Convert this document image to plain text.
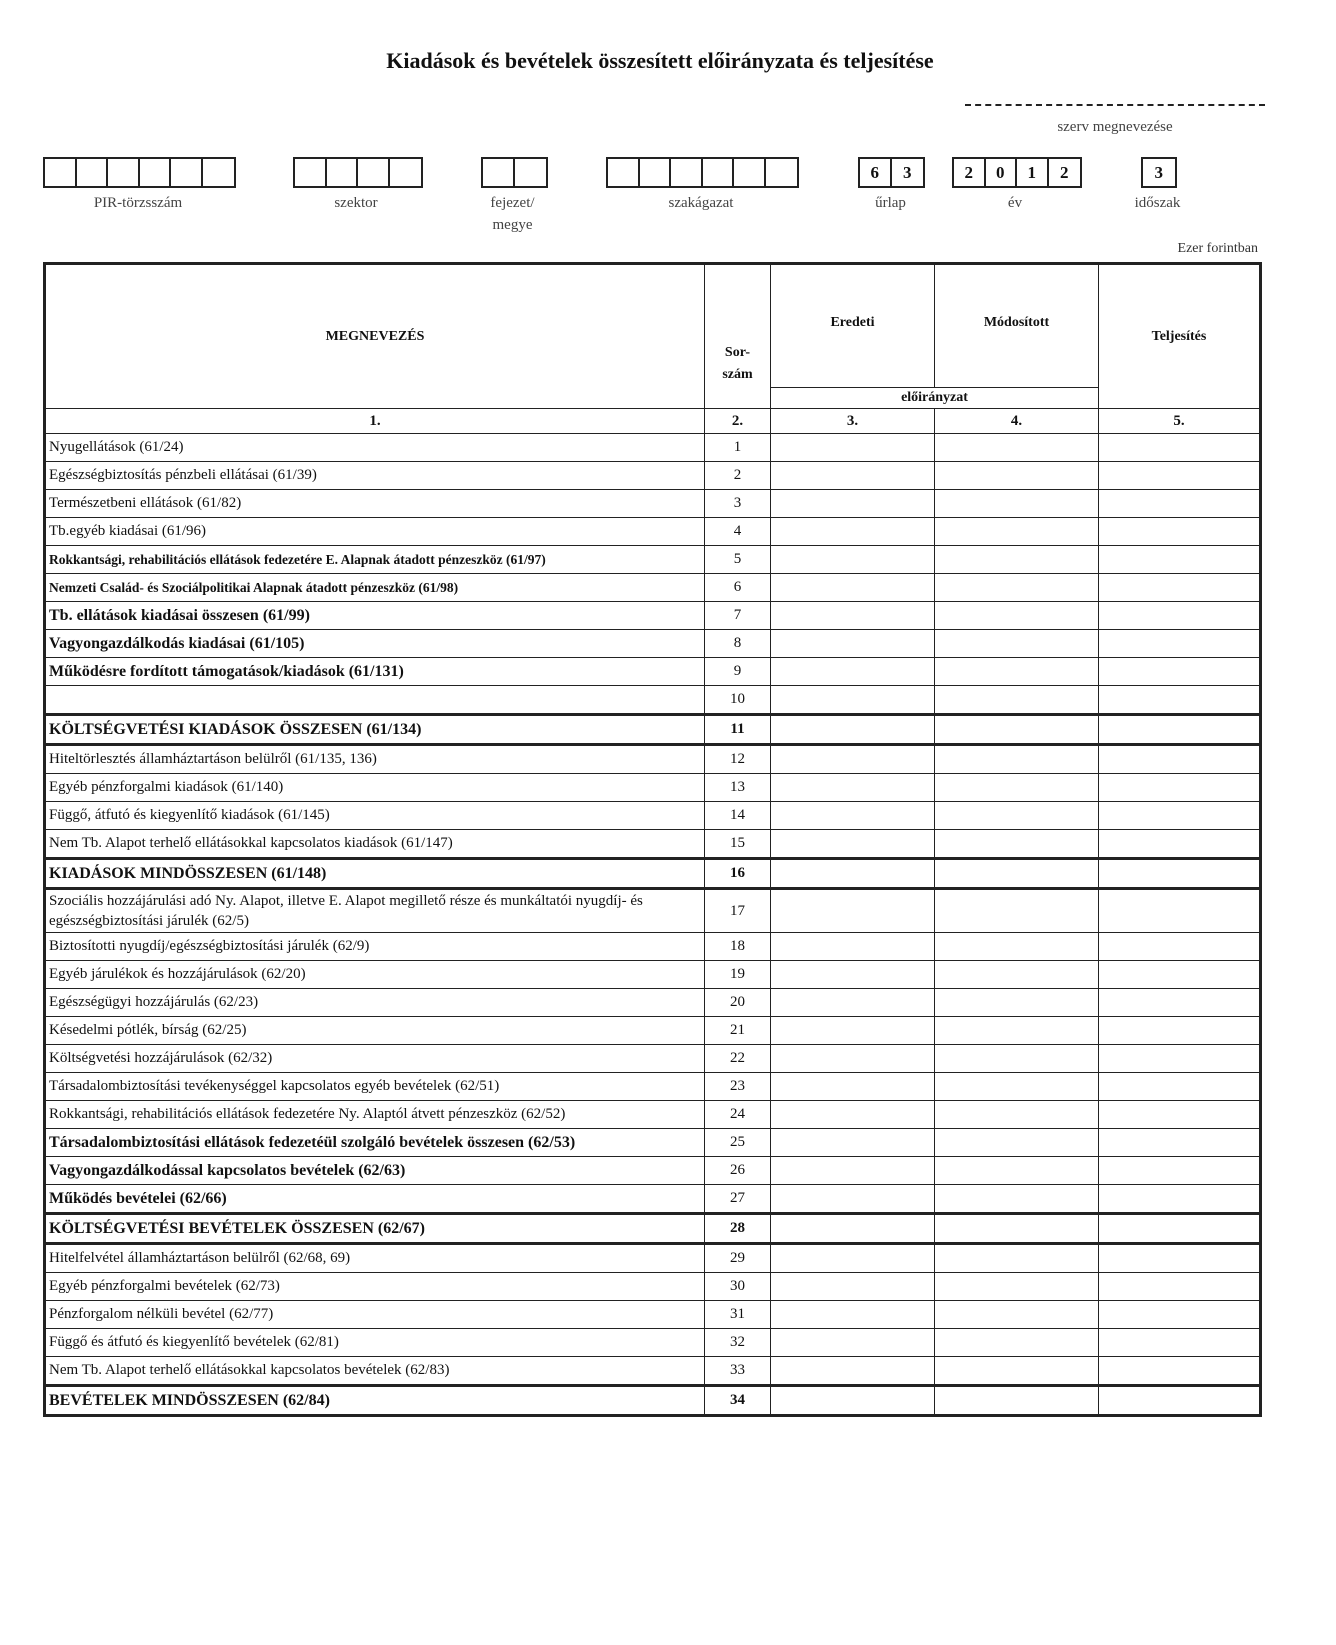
Kiadások és bevételek összesített előirányzata és teljesítése
szerv megnevezése
PIR-törzsszám	szektor	fejezet/
megye
szakágazat
6	3
űrlap
2	0	1	2
év
3
időszak
Ezer forintban
MEGNEVEZÉS	Sor-
szám	Eredeti	Módosított	Teljesítés
		előirányzat		
1.	2.	3.	4.	5.
Nyugellátások (61/24)	1			
Egészségbiztosítás pénzbeli ellátásai (61/39)	2			
Természetbeni ellátások (61/82)	3			
Tb.egyéb kiadásai (61/96)	4			
Rokkantsági, rehabilitációs ellátások fedezetére E. Alapnak átadott pénzeszköz (61/97)	5			
Nemzeti Család- és Szociálpolitikai Alapnak átadott pénzeszköz (61/98)	6			
Tb. ellátások kiadásai összesen (61/99)	7			
Vagyongazdálkodás kiadásai (61/105)	8			
Működésre fordított támogatások/kiadások (61/131)	9			
	10			
KÖLTSÉGVETÉSI KIADÁSOK ÖSSZESEN (61/134)	11			
Hiteltörlesztés államháztartáson belülről (61/135, 136)	12			
Egyéb pénzforgalmi kiadások (61/140)	13			
Függő, átfutó és kiegyenlítő kiadások (61/145)	14			
Nem Tb. Alapot terhelő ellátásokkal kapcsolatos kiadások (61/147)	15			
KIADÁSOK MINDÖSSZESEN (61/148)	16			
Szociális hozzájárulási adó Ny. Alapot, illetve E. Alapot megillető része és munkáltatói nyugdíj- és egészségbiztosítási járulék (62/5)	17			
Biztosítotti nyugdíj/egészségbiztosítási járulék (62/9)	18			
Egyéb járulékok és hozzájárulások (62/20)	19			
Egészségügyi hozzájárulás (62/23)	20			
Késedelmi pótlék, bírság (62/25)	21			
Költségvetési hozzájárulások (62/32)	22			
Társadalombiztosítási tevékenységgel kapcsolatos egyéb bevételek (62/51)	23			
Rokkantsági, rehabilitációs ellátások fedezetére Ny. Alaptól átvett pénzeszköz (62/52)	24			
Társadalombiztosítási ellátások fedezetéül szolgáló bevételek összesen (62/53)	25			
Vagyongazdálkodással kapcsolatos bevételek (62/63)	26			
Működés bevételei (62/66)	27			
KÖLTSÉGVETÉSI BEVÉTELEK ÖSSZESEN (62/67)	28			
Hitelfelvétel államháztartáson belülről (62/68, 69)	29			
Egyéb pénzforgalmi bevételek (62/73)	30			
Pénzforgalom nélküli bevétel (62/77)	31			
Függő és átfutó és kiegyenlítő bevételek (62/81)	32			
Nem Tb. Alapot terhelő ellátásokkal kapcsolatos bevételek (62/83)	33			
BEVÉTELEK MINDÖSSZESEN (62/84)	34			
